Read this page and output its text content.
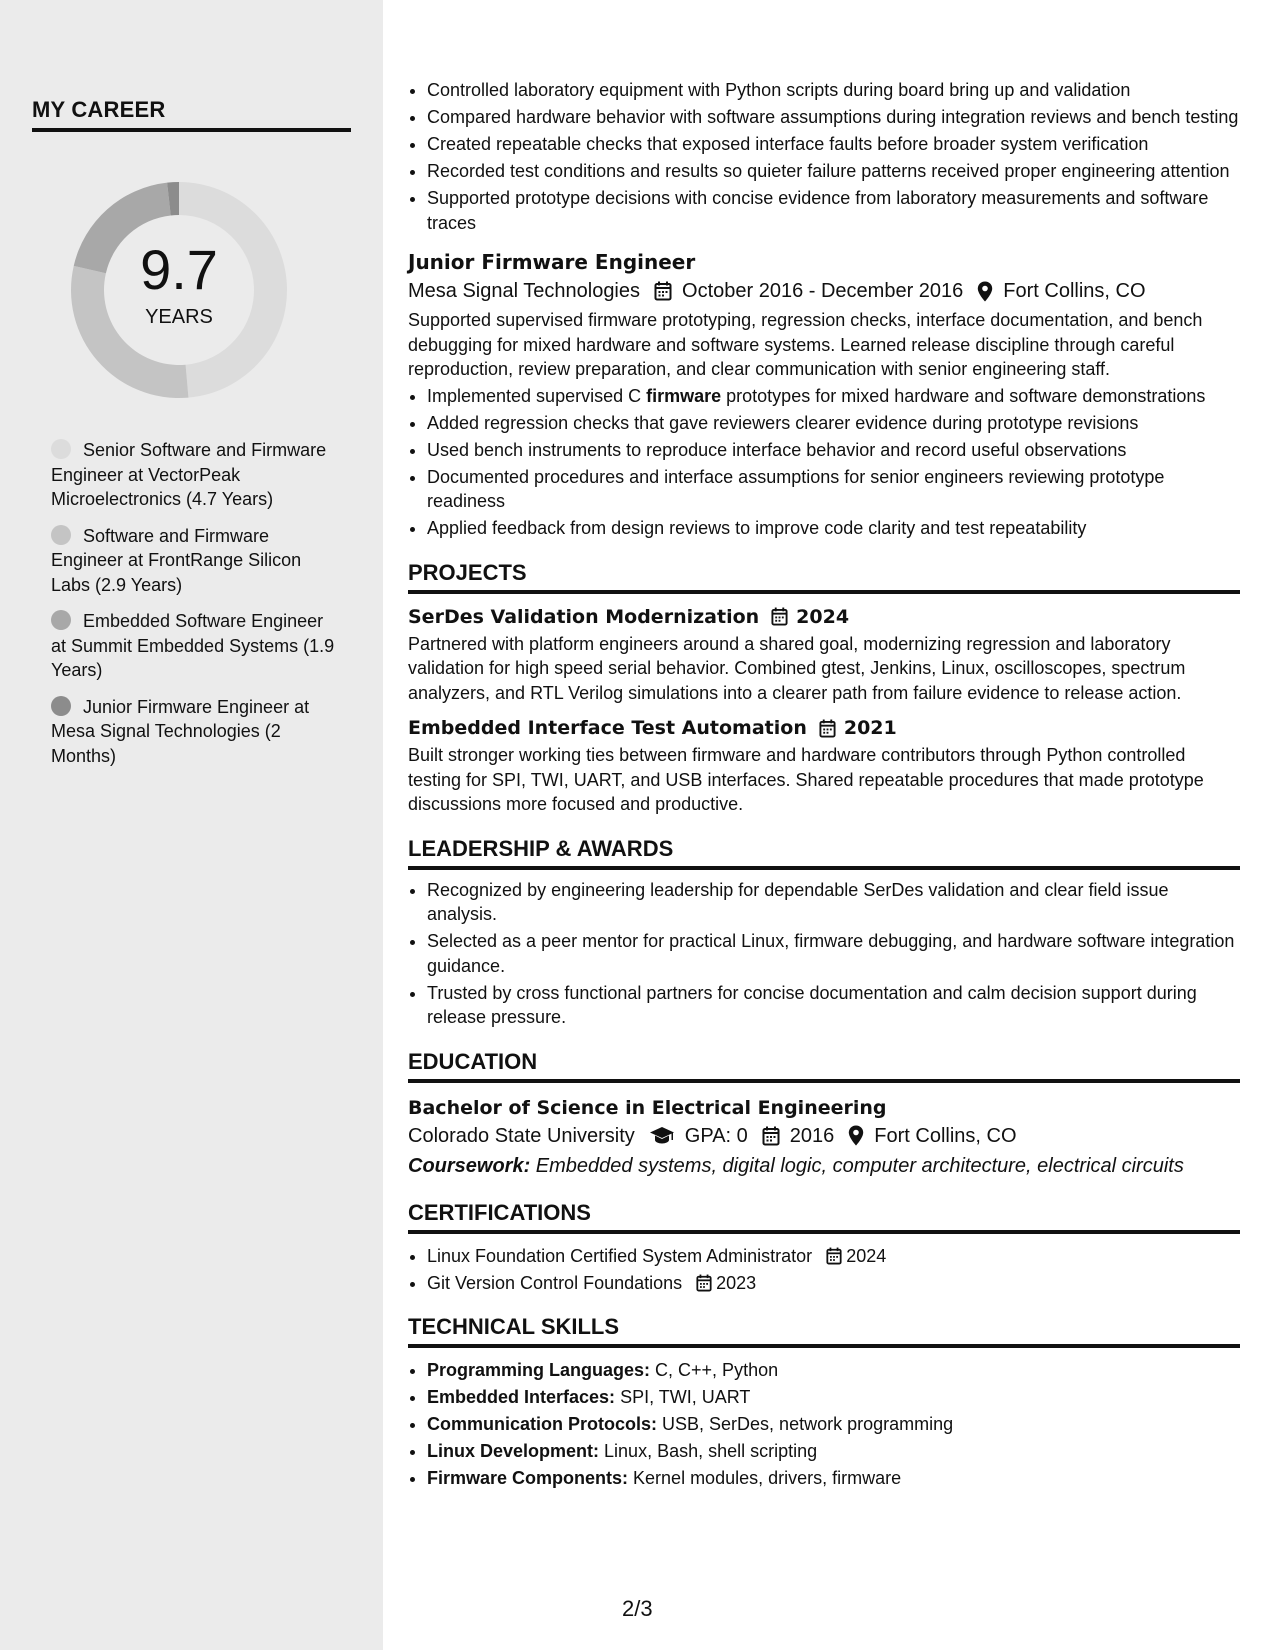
MY CAREER
9.7
YEARS
Senior Software and Firmware Engineer at VectorPeak Microelectronics (4.7 Years)
Software and Firmware Engineer at FrontRange Silicon Labs (2.9 Years)
Embedded Software Engineer at Summit Embedded Systems (1.9 Years)
Junior Firmware Engineer at Mesa Signal Technologies (2 Months)
• Controlled laboratory equipment with Python scripts during board bring up and validation
• Compared hardware behavior with software assumptions during integration reviews and bench testing
• Created repeatable checks that exposed interface faults before broader system verification
• Recorded test conditions and results so quieter failure patterns received proper engineering attention
• Supported prototype decisions with concise evidence from laboratory measurements and software traces
Junior Firmware Engineer
Mesa Signal Technologies October 2016 - December 2016 Fort Collins, CO
Supported supervised firmware prototyping, regression checks, interface documentation, and bench debugging for mixed hardware and software systems. Learned release discipline through careful reproduction, review preparation, and clear communication with senior engineering staff.
• Implemented supervised C firmware prototypes for mixed hardware and software demonstrations
• Added regression checks that gave reviewers clearer evidence during prototype revisions
• Used bench instruments to reproduce interface behavior and record useful observations
• Documented procedures and interface assumptions for senior engineers reviewing prototype readiness
• Applied feedback from design reviews to improve code clarity and test repeatability
PROJECTS
SerDes Validation Modernization 2024
Partnered with platform engineers around a shared goal, modernizing regression and laboratory validation for high speed serial behavior. Combined gtest, Jenkins, Linux, oscilloscopes, spectrum analyzers, and RTL Verilog simulations into a clearer path from failure evidence to release action.
Embedded Interface Test Automation 2021
Built stronger working ties between firmware and hardware contributors through Python controlled testing for SPI, TWI, UART, and USB interfaces. Shared repeatable procedures that made prototype discussions more focused and productive.
LEADERSHIP & AWARDS
• Recognized by engineering leadership for dependable SerDes validation and clear field issue analysis.
• Selected as a peer mentor for practical Linux, firmware debugging, and hardware software integration guidance.
• Trusted by cross functional partners for concise documentation and calm decision support during release pressure.
EDUCATION
Bachelor of Science in Electrical Engineering
Colorado State University	GPA: 0 2016 Fort Collins, CO
Coursework: Embedded systems, digital logic, computer architecture, electrical circuits
CERTIFICATIONS
• Linux Foundation Certified System Administrator 2024
• Git Version Control Foundations 2023
TECHNICAL SKILLS
• Programming Languages: C, C++, Python
• Embedded Interfaces: SPI, TWI, UART
• Communication Protocols: USB, SerDes, network programming
• Linux Development: Linux, Bash, shell scripting
• Firmware Components: Kernel modules, drivers, firmware
2/3
